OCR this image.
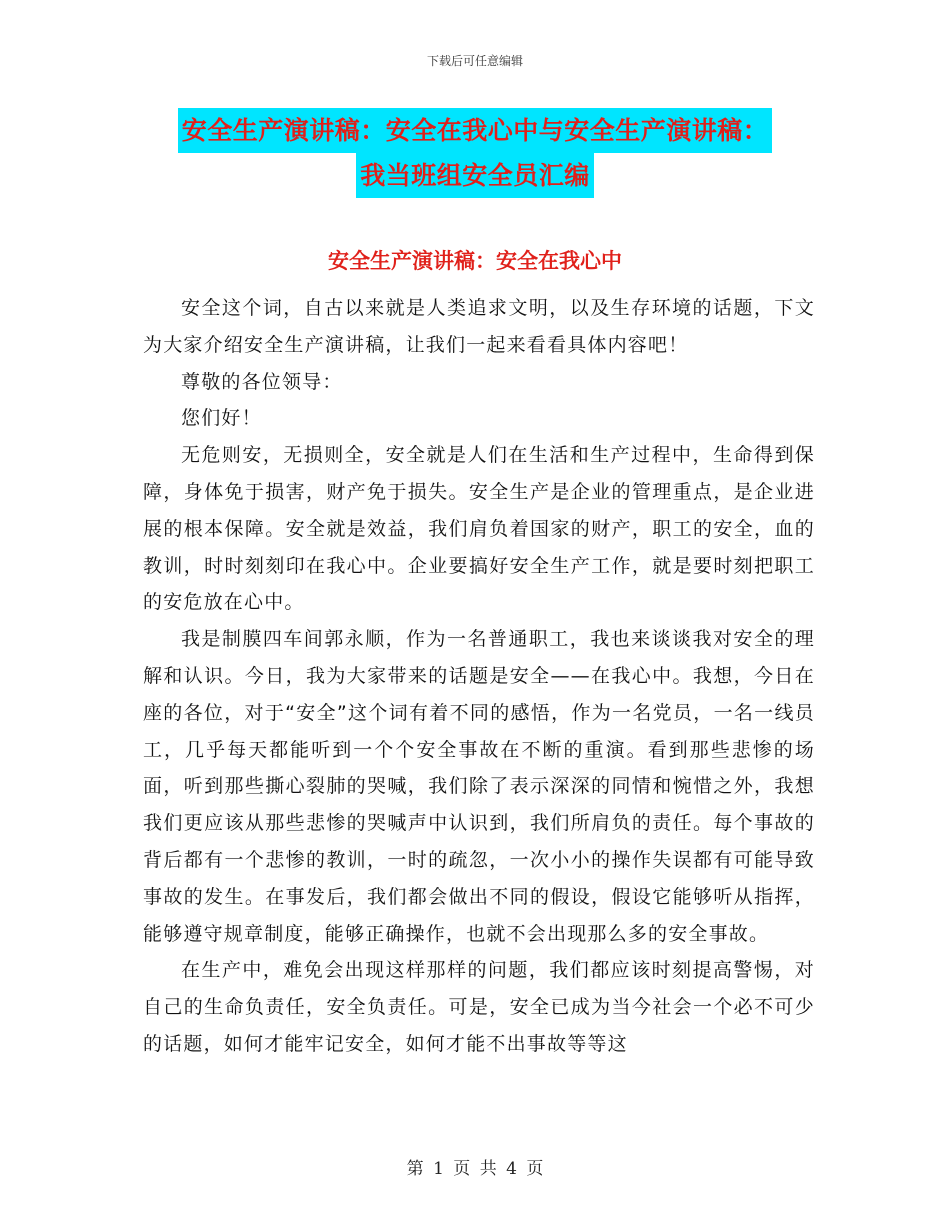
下载后可任意编辑
安全生产演讲稿：安全在我心中与安全生产演讲稿：
我当班组安全员汇编
安全生产演讲稿：安全在我心中

安全这个词，自古以来就是人类追求文明，以及生存环境的话题，下文为大家介绍安全生产演讲稿，让我们一起来看看具体内容吧！

尊敬的各位领导：

您们好！

无危则安，无损则全，安全就是人们在生活和生产过程中，生命得到保障，身体免于损害，财产免于损失。安全生产是企业的管理重点，是企业进展的根本保障。安全就是效益，我们肩负着国家的财产，职工的安全，血的教训，时时刻刻印在我心中。企业要搞好安全生产工作，就是要时刻把职工的安危放在心中。

我是制膜四车间郭永顺，作为一名普通职工，我也来谈谈我对安全的理解和认识。今日，我为大家带来的话题是安全——在我心中。我想，今日在座的各位，对于“安全”这个词有着不同的感悟，作为一名党员，一名一线员工，几乎每天都能听到一个个安全事故在不断的重演。看到那些悲惨的场面，听到那些撕心裂肺的哭喊，我们除了表示深深的同情和惋惜之外，我想我们更应该从那些悲惨的哭喊声中认识到，我们所肩负的责任。每个事故的背后都有一个悲惨的教训，一时的疏忽，一次小小的操作失误都有可能导致事故的发生。在事发后，我们都会做出不同的假设，假设它能够听从指挥，能够遵守规章制度，能够正确操作，也就不会出现那么多的安全事故。

在生产中，难免会出现这样那样的问题，我们都应该时刻提高警惕，对自己的生命负责任，安全负责任。可是，安全已成为当今社会一个必不可少的话题，如何才能牢记安全，如何才能不出事故等等这

第 1 页 共 4 页
